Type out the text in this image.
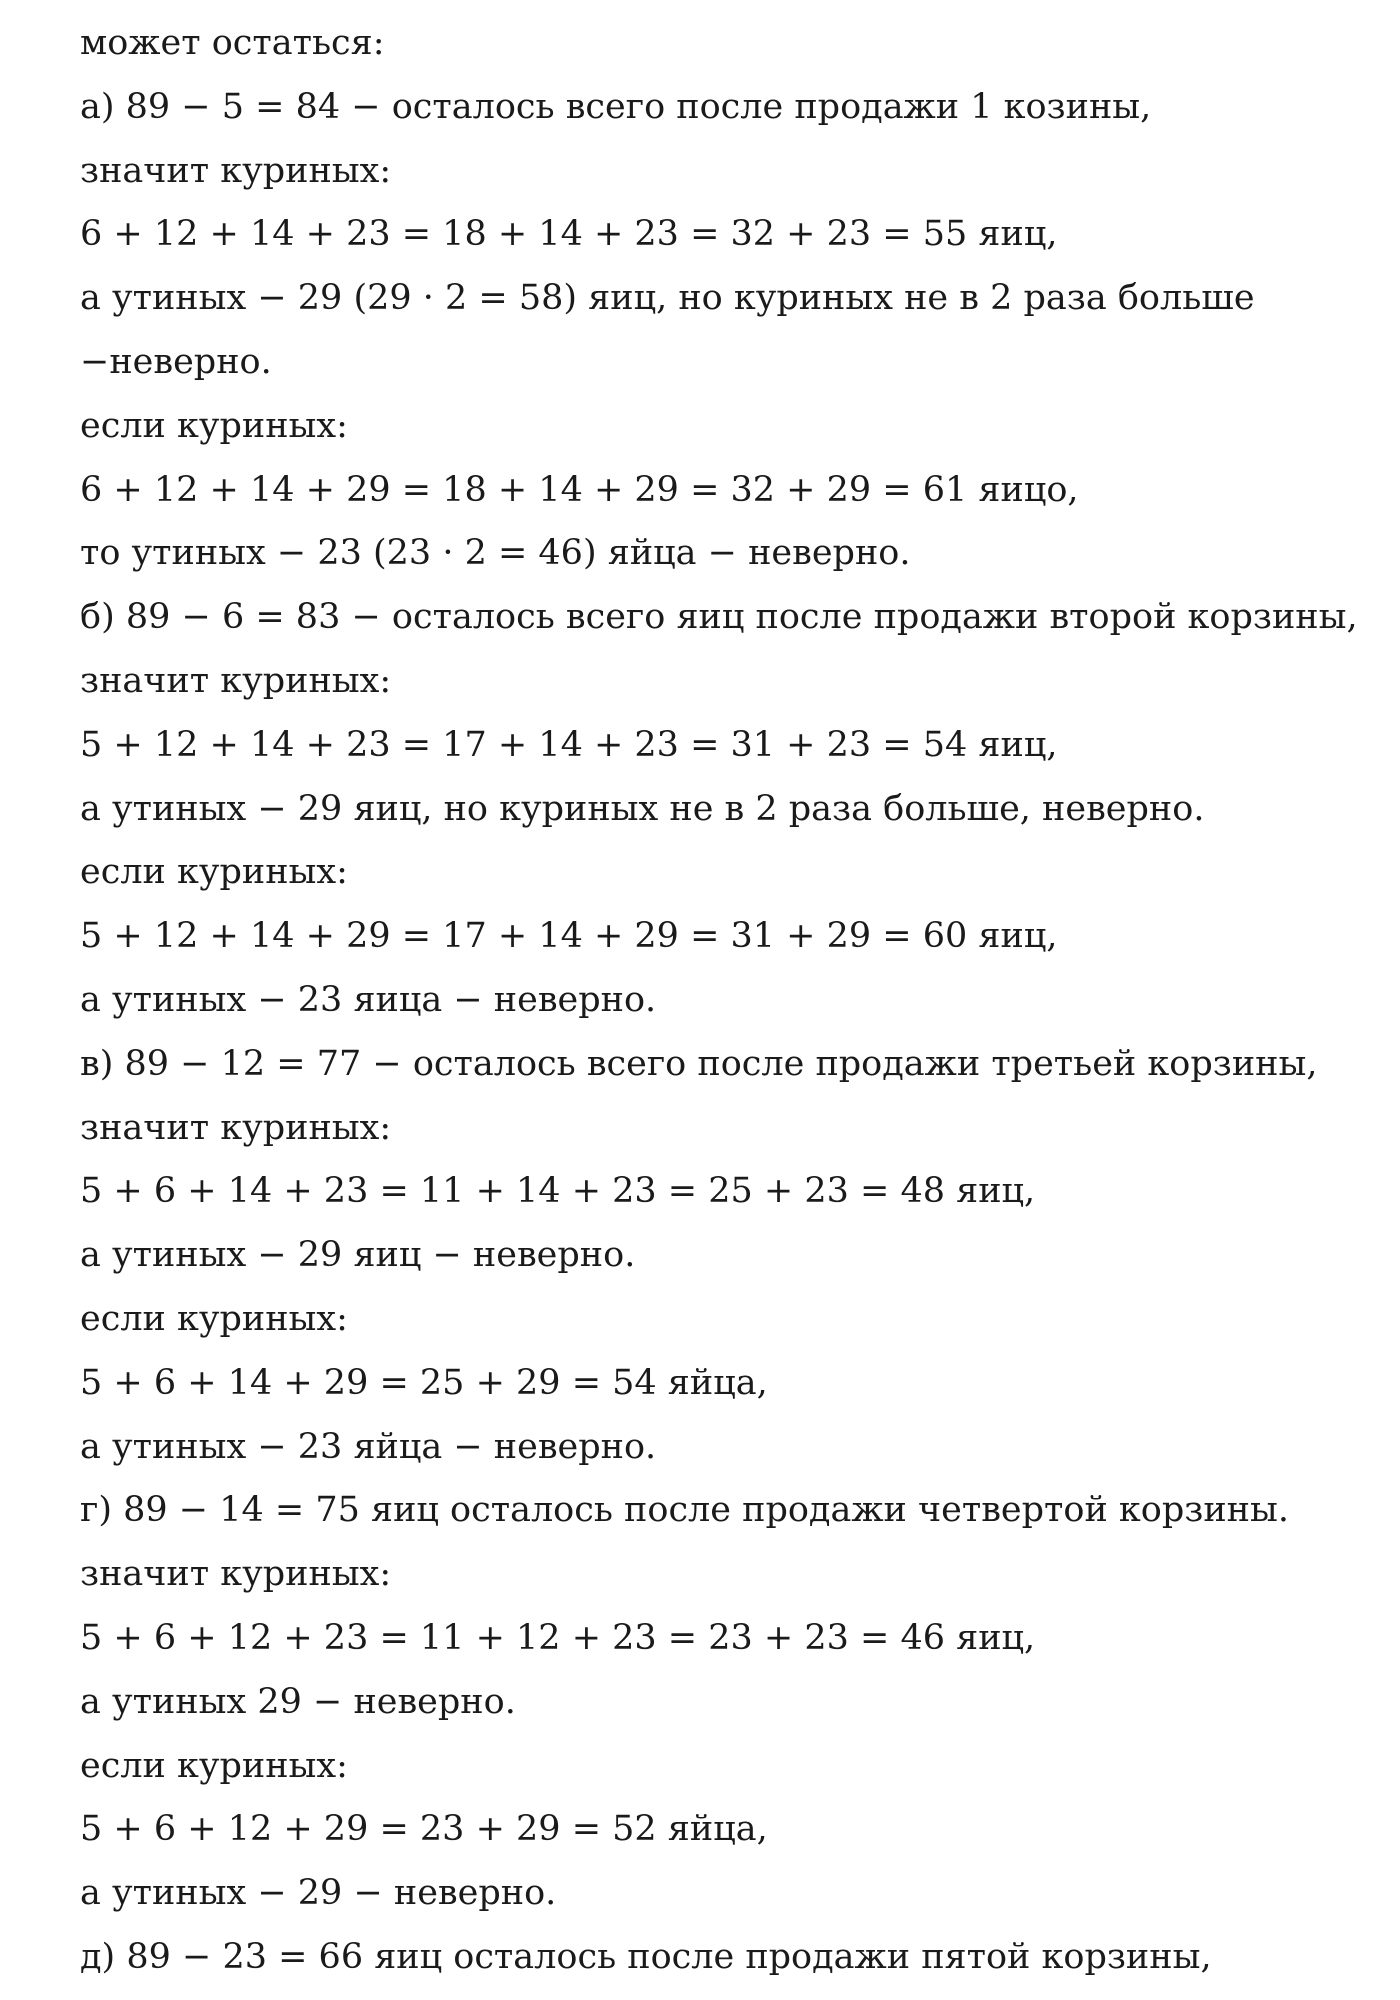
может остаться:
а) 89 − 5 = 84 − осталось всего после продажи 1 козины,
значит куриных:
6 + 12 + 14 + 23 = 18 + 14 + 23 = 32 + 23 = 55 яиц,
а утиных − 29 (29 · 2 = 58) яиц, но куриных не в 2 раза больше
−неверно.
если куриных:
6 + 12 + 14 + 29 = 18 + 14 + 29 = 32 + 29 = 61 яицо,
то утиных − 23 (23 · 2 = 46) яйца − неверно.
б) 89 − 6 = 83 − осталось всего яиц после продажи второй корзины,
значит куриных:
5 + 12 + 14 + 23 = 17 + 14 + 23 = 31 + 23 = 54 яиц,
а утиных − 29 яиц, но куриных не в 2 раза больше, неверно.
если куриных:
5 + 12 + 14 + 29 = 17 + 14 + 29 = 31 + 29 = 60 яиц,
а утиных − 23 яица − неверно.
в) 89 − 12 = 77 − осталось всего после продажи третьей корзины,
значит куриных:
5 + 6 + 14 + 23 = 11 + 14 + 23 = 25 + 23 = 48 яиц,
а утиных − 29 яиц − неверно.
если куриных:
5 + 6 + 14 + 29 = 25 + 29 = 54 яйца,
а утиных − 23 яйца − неверно.
г) 89 − 14 = 75 яиц осталось после продажи четвертой корзины.
значит куриных:
5 + 6 + 12 + 23 = 11 + 12 + 23 = 23 + 23 = 46 яиц,
а утиных 29 − неверно.
если куриных:
5 + 6 + 12 + 29 = 23 + 29 = 52 яйца,
а утиных − 29 − неверно.
д) 89 − 23 = 66 яиц осталось после продажи пятой корзины,
